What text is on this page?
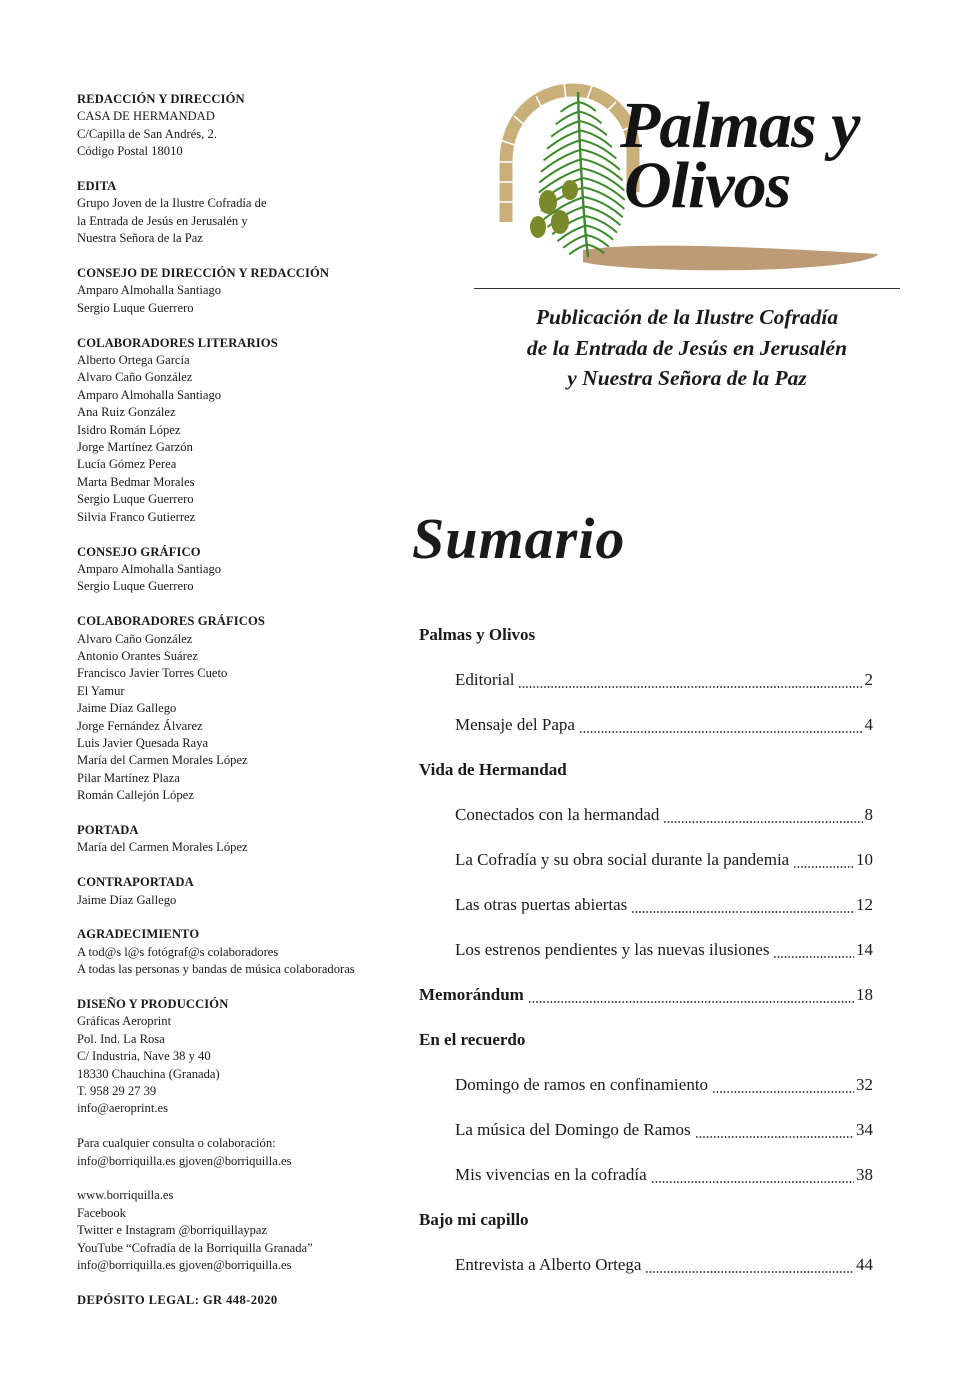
REDACCIÓN Y DIRECCIÓN
CASA DE HERMANDAD
C/Capilla de San Andrés, 2.
Código Postal 18010
EDITA
Grupo Joven de la Ilustre Cofradía de
la Entrada de Jesús en Jerusalén y
Nuestra Señora de la Paz
CONSEJO DE DIRECCIÓN Y REDACCIÓN
Amparo Almohalla Santiago
Sergio Luque Guerrero
COLABORADORES LITERARIOS
Alberto Ortega García
Alvaro Caño González
Amparo Almohalla Santiago
Ana Ruiz González
Isidro Román López
Jorge Martínez Garzón
Lucía Gómez Perea
Marta Bedmar Morales
Sergio Luque Guerrero
Silvia Franco Gutierrez
CONSEJO GRÁFICO
Amparo Almohalla Santiago
Sergio Luque Guerrero
COLABORADORES GRÁFICOS
Alvaro Caño González
Antonio Orantes Suárez
Francisco Javier Torres Cueto
El Yamur
Jaime Díaz Gallego
Jorge Fernández Álvarez
Luis Javier Quesada Raya
María del Carmen Morales López
Pilar Martínez Plaza
Román Callejón López
PORTADA
María del Carmen Morales López
CONTRAPORTADA
Jaime Díaz Gallego
AGRADECIMIENTO
A tod@s l@s fotógraf@s colaboradores
A todas las personas y bandas de música colaboradoras
DISEÑO Y PRODUCCIÓN
Gráficas Aeroprint
Pol. Ind. La Rosa
C/ Industria, Nave 38 y 40
18330 Chauchina (Granada)
T. 958 29 27 39
info@aeroprint.es
Para cualquier consulta o colaboración:
info@borriquilla.es gjoven@borriquilla.es
www.borriquilla.es
Facebook
Twitter e Instagram @borriquillaypaz
YouTube “Cofradía de la Borriquilla Granada”
info@borriquilla.es gjoven@borriquilla.es
DEPÓSITO LEGAL: GR 448-2020
Palmas y
Olivos
Publicación de la Ilustre Cofradía
de la Entrada de Jesús en Jerusalén
y Nuestra Señora de la Paz
Sumario
Palmas y Olivos
Editorial	2
Mensaje del Papa	4
Vida de Hermandad
Conectados con la hermandad	8
La Cofradía y su obra social durante la pandemia	10
Las otras puertas abiertas	12
Los estrenos pendientes y las nuevas ilusiones	14
Memorándum	18
En el recuerdo
Domingo de ramos en confinamiento	32
La música del Domingo de Ramos	34
Mis vivencias en la cofradía	38
Bajo mi capillo
Entrevista a Alberto Ortega	44
